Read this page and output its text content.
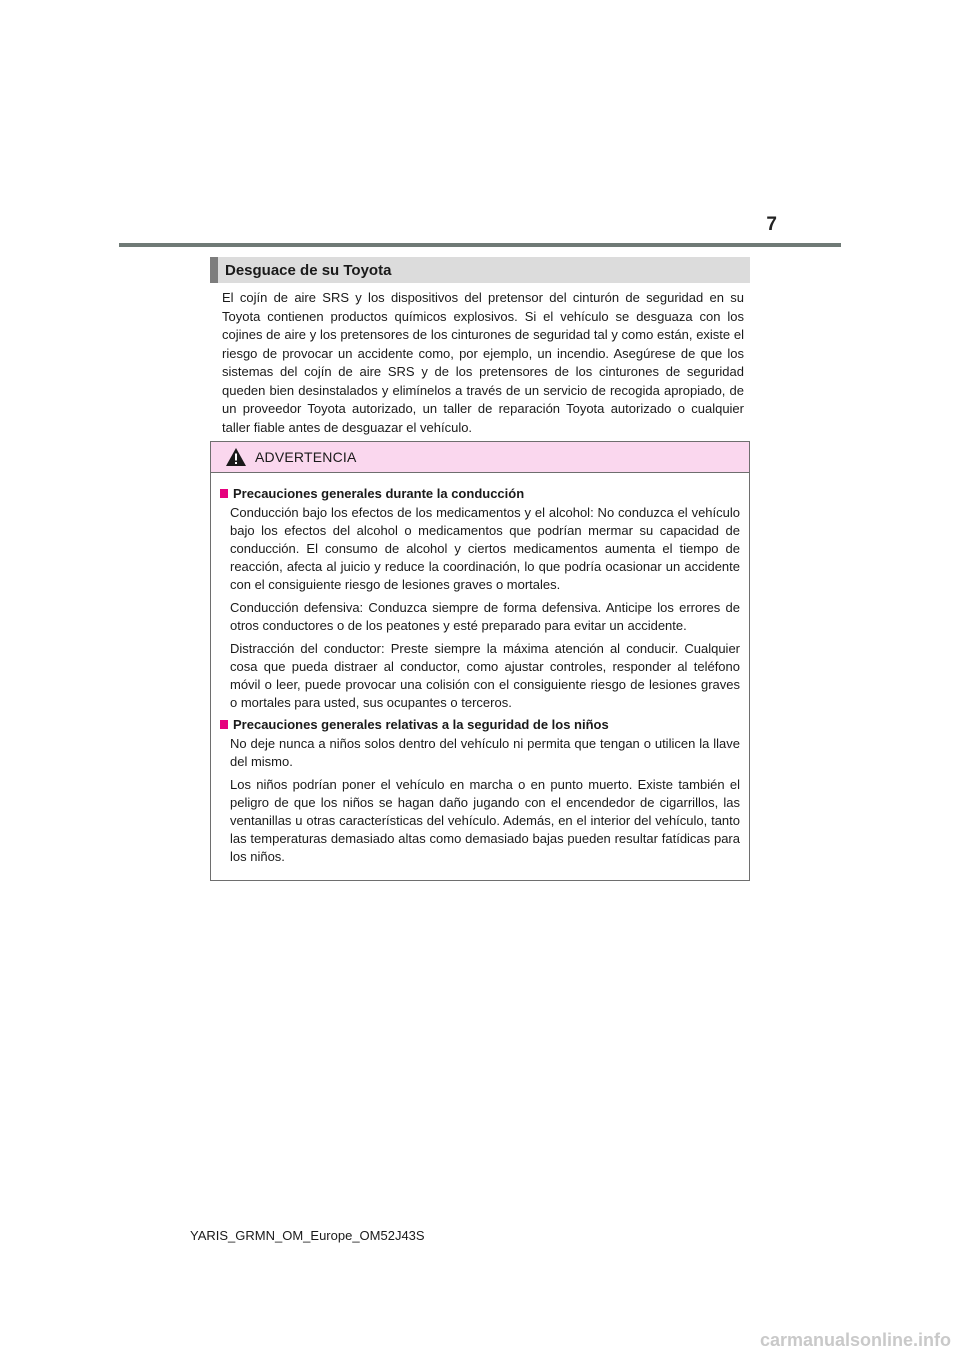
7
Desguace de su Toyota

El cojín de aire SRS y los dispositivos del pretensor del cinturón de seguridad en su Toyota contienen productos químicos explosivos. Si el vehículo se desguaza con los cojines de aire y los pretensores de los cinturones de seguridad tal y como están, existe el riesgo de provocar un accidente como, por ejemplo, un incendio. Asegúrese de que los sistemas del cojín de aire SRS y de los pretensores de los cinturones de seguridad queden bien desinstalados y elimínelos a través de un servicio de recogida apropiado, de un proveedor Toyota autorizado, un taller de reparación Toyota autorizado o cualquier taller fiable antes de desguazar el vehículo.

ADVERTENCIA
Precauciones generales durante la conducción

Conducción bajo los efectos de los medicamentos y el alcohol: No conduzca el vehículo bajo los efectos del alcohol o medicamentos que podrían mermar su capacidad de conducción. El consumo de alcohol y ciertos medicamentos aumenta el tiempo de reacción, afecta al juicio y reduce la coordinación, lo que podría ocasionar un accidente con el consiguiente riesgo de lesiones graves o mortales.

Conducción defensiva: Conduzca siempre de forma defensiva. Anticipe los errores de otros conductores o de los peatones y esté preparado para evitar un accidente.

Distracción del conductor: Preste siempre la máxima atención al conducir. Cualquier cosa que pueda distraer al conductor, como ajustar controles, responder al teléfono móvil o leer, puede provocar una colisión con el consiguiente riesgo de lesiones graves o mortales para usted, sus ocupantes o terceros.

Precauciones generales relativas a la seguridad de los niños

No deje nunca a niños solos dentro del vehículo ni permita que tengan o utilicen la llave del mismo.

Los niños podrían poner el vehículo en marcha o en punto muerto. Existe también el peligro de que los niños se hagan daño jugando con el encendedor de cigarrillos, las ventanillas u otras características del vehículo. Además, en el interior del vehículo, tanto las temperaturas demasiado altas como demasiado bajas pueden resultar fatídicas para los niños.

YARIS_GRMN_OM_Europe_OM52J43S
carmanualsonline.info
